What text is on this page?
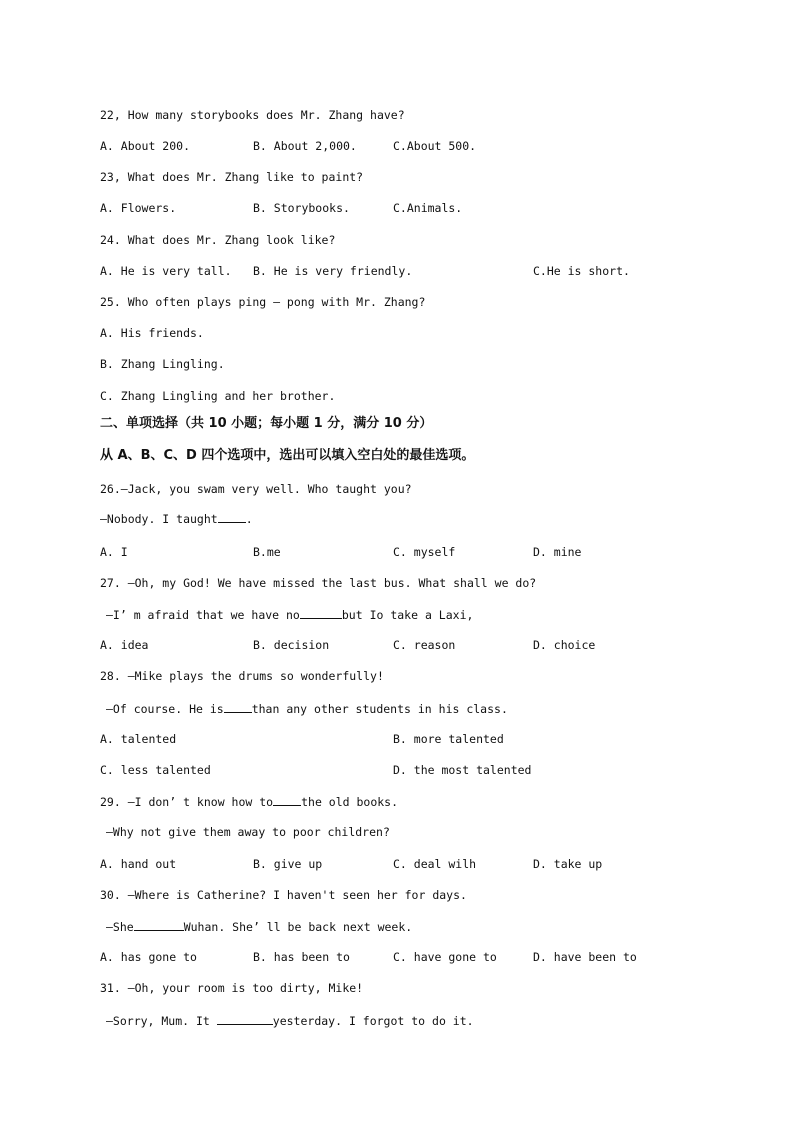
22, How many storybooks does Mr. Zhang have?
A. About 200.	B. About 2,000.	C.About 500.
23, What does Mr. Zhang like to paint?
A. Flowers.	B. Storybooks.	C.Animals.
24. What does Mr. Zhang look like?
A. He is very tall. B. He is very friendly.	C.He is short.
25. Who often plays ping – pong with Mr. Zhang?
A. His friends.
B. Zhang Lingling.
C. Zhang Lingling and her brother.
二、单项选择（共 10 小题；每小题 1 分，满分 10 分）
从 A、B、C、D 四个选项中，选出可以填入空白处的最佳选项。
26.—Jack, you swam very well. Who taught you?
—Nobody. I taught .
A. I	B.me	C. myself	D. mine
27. —Oh, my God! We have missed the last bus. What shall we do?
—I’ m afraid that we have no	but Io take a Laxi,
A. idea	B. decision	C. reason	D. choice
28. —Mike plays the drums so wonderfully!
—Of course. He is than any other students in his class.
A. talented	B. more talented
C. less talented	D. the most talented
29. —I don’ t know how to the old books.
—Why not give them away to poor children?
A. hand out	B. give up	C. deal wilh	D. take up
30. —Where is Catherine? I haven't seen her for days.
—She	Wuhan. She’ ll be back next week.
A. has gone to	B. has been to	C. have gone to	D. have been to
31. —Oh, your room is too dirty, Mike!
—Sorry, Mum. It	yesterday. I forgot to do it.
